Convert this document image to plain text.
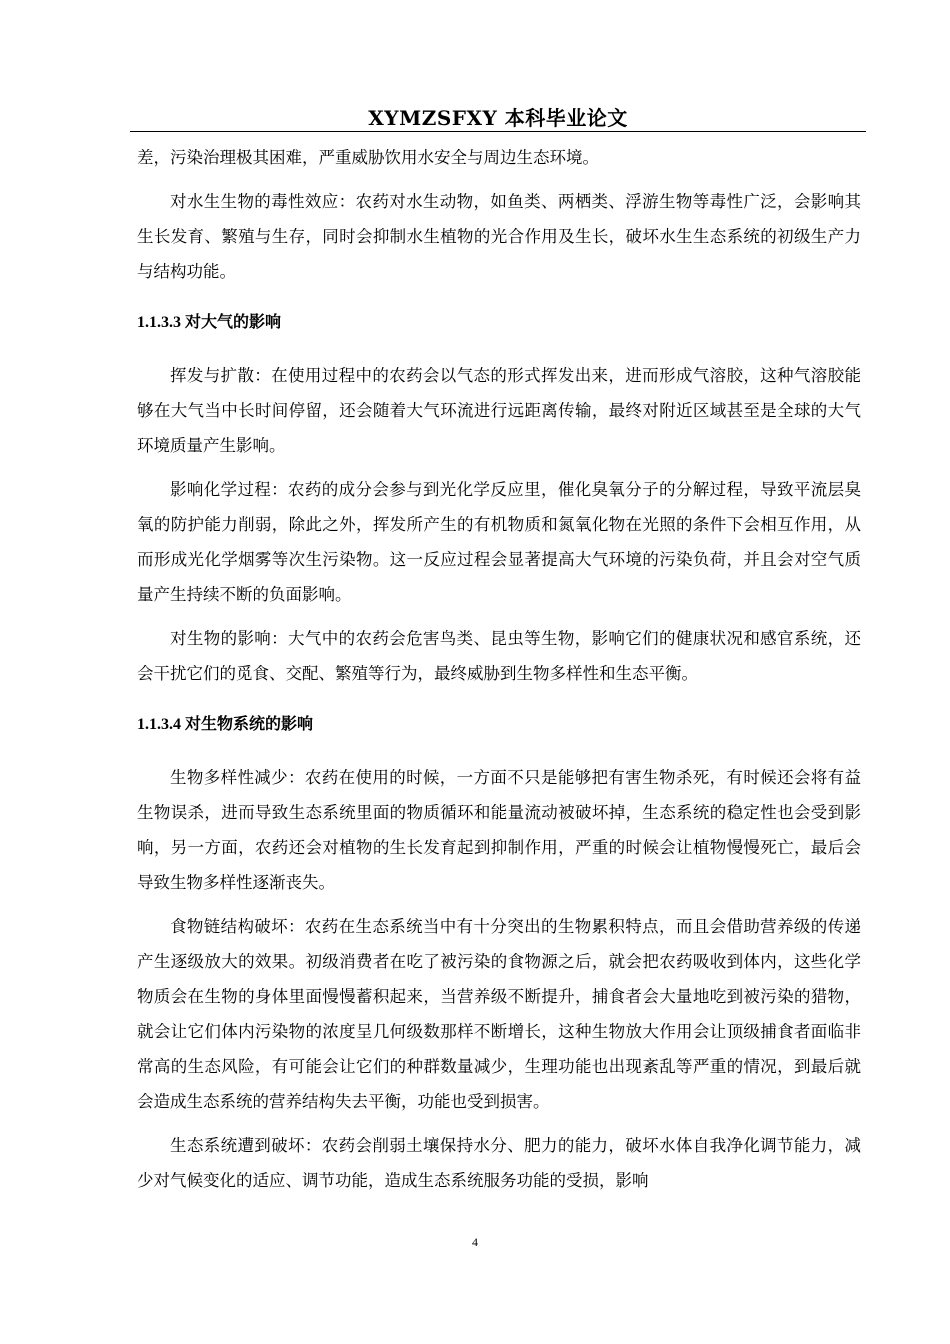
XYMZSFXY 本科毕业论文

差，污染治理极其困难，严重威胁饮用水安全与周边生态环境。

对水生生物的毒性效应：农药对水生动物，如鱼类、两栖类、浮游生物等毒性广泛，会影响其生长发育、繁殖与生存，同时会抑制水生植物的光合作用及生长，破坏水生生态系统的初级生产力与结构功能。

1.1.3.3 对大气的影响

挥发与扩散：在使用过程中的农药会以气态的形式挥发出来，进而形成气溶胶，这种气溶胶能够在大气当中长时间停留，还会随着大气环流进行远距离传输，最终对附近区域甚至是全球的大气环境质量产生影响。

影响化学过程：农药的成分会参与到光化学反应里，催化臭氧分子的分解过程，导致平流层臭氧的防护能力削弱，除此之外，挥发所产生的有机物质和氮氧化物在光照的条件下会相互作用，从而形成光化学烟雾等次生污染物。这一反应过程会显著提高大气环境的污染负荷，并且会对空气质量产生持续不断的负面影响。

对生物的影响：大气中的农药会危害鸟类、昆虫等生物，影响它们的健康状况和感官系统，还会干扰它们的觅食、交配、繁殖等行为，最终威胁到生物多样性和生态平衡。

1.1.3.4 对生物系统的影响

生物多样性减少：农药在使用的时候，一方面不只是能够把有害生物杀死，有时候还会将有益生物误杀，进而导致生态系统里面的物质循环和能量流动被破坏掉，生态系统的稳定性也会受到影响，另一方面，农药还会对植物的生长发育起到抑制作用，严重的时候会让植物慢慢死亡，最后会导致生物多样性逐渐丧失。

食物链结构破坏：农药在生态系统当中有十分突出的生物累积特点，而且会借助营养级的传递产生逐级放大的效果。初级消费者在吃了被污染的食物源之后，就会把农药吸收到体内，这些化学物质会在生物的身体里面慢慢蓄积起来，当营养级不断提升，捕食者会大量地吃到被污染的猎物，就会让它们体内污染物的浓度呈几何级数那样不断增长，这种生物放大作用会让顶级捕食者面临非常高的生态风险，有可能会让它们的种群数量减少，生理功能也出现紊乱等严重的情况，到最后就会造成生态系统的营养结构失去平衡，功能也受到损害。

生态系统遭到破坏：农药会削弱土壤保持水分、肥力的能力，破坏水体自我净化调节能力，减少对气候变化的适应、调节功能，造成生态系统服务功能的受损，影响

4
